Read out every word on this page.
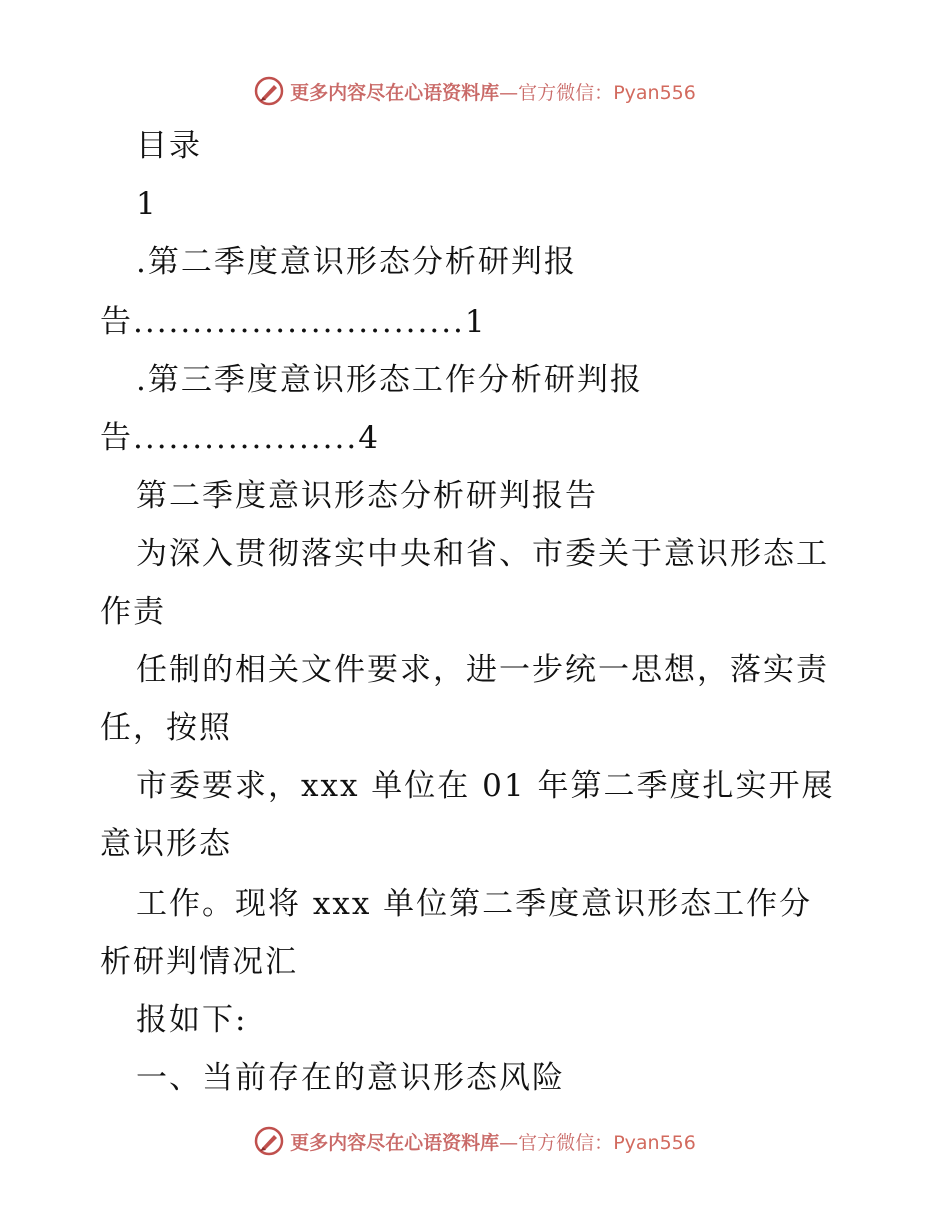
更多内容尽在心语资料库—官方微信：Pyan556
目录
1
.第二季度意识形态分析研判报
告............................1
.第三季度意识形态工作分析研判报
告...................4
第二季度意识形态分析研判报告
为深入贯彻落实中央和省、市委关于意识形态工
作责
任制的相关文件要求，进一步统一思想，落实责
任，按照
市委要求，xxx 单位在 01 年第二季度扎实开展
意识形态
工作。现将 xxx 单位第二季度意识形态工作分
析研判情况汇
报如下:
一、当前存在的意识形态风险
更多内容尽在心语资料库—官方微信：Pyan556
